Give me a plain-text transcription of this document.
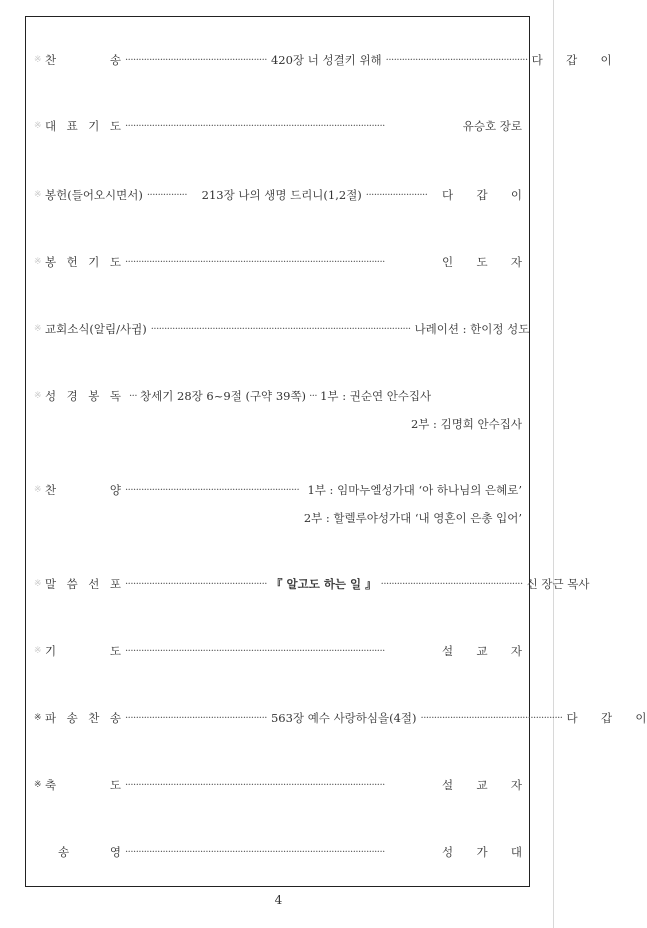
※ 찬	송 ····················································· 420장 너 성결키 위해 ····················································· 다 갑 이
※ 대 표 기 도 ·································································································	유승호 장로
※ 봉헌(들어오시면서) ···············	213장 나의 생명 드리니(1,2절) ·······················	다 갑 이
※ 봉 헌 기 도 ·································································································	인 도 자
※ 교회소식(알림/사귐) ································································································· 나레이션 : 한이정 성도
※ 성 경 봉 독 ··· 창세기 28장 6~9절 (구약 39쪽) ··· 1부 : 권순연 안수집사
2부 : 김명희 안수집사
※ 찬	양 ································································· 1부 : 임마누엘성가대 ‘아 하나님의 은혜로’
2부 : 할렐루야성가대 ‘내 영혼이 은총 입어’
※ 말 씀 선 포 ····················································· 『 알고도 하는 일 』 ····················································· 신 장근 목사
※ 기	도 ·································································································	설 교 자
※ 파 송 찬 송 ····················································· 563장 예수 사랑하심을(4절) ····················································· 다 갑 이
※ 축	도 ·································································································	설 교 자
송	영 ·································································································	성 가 대
4
